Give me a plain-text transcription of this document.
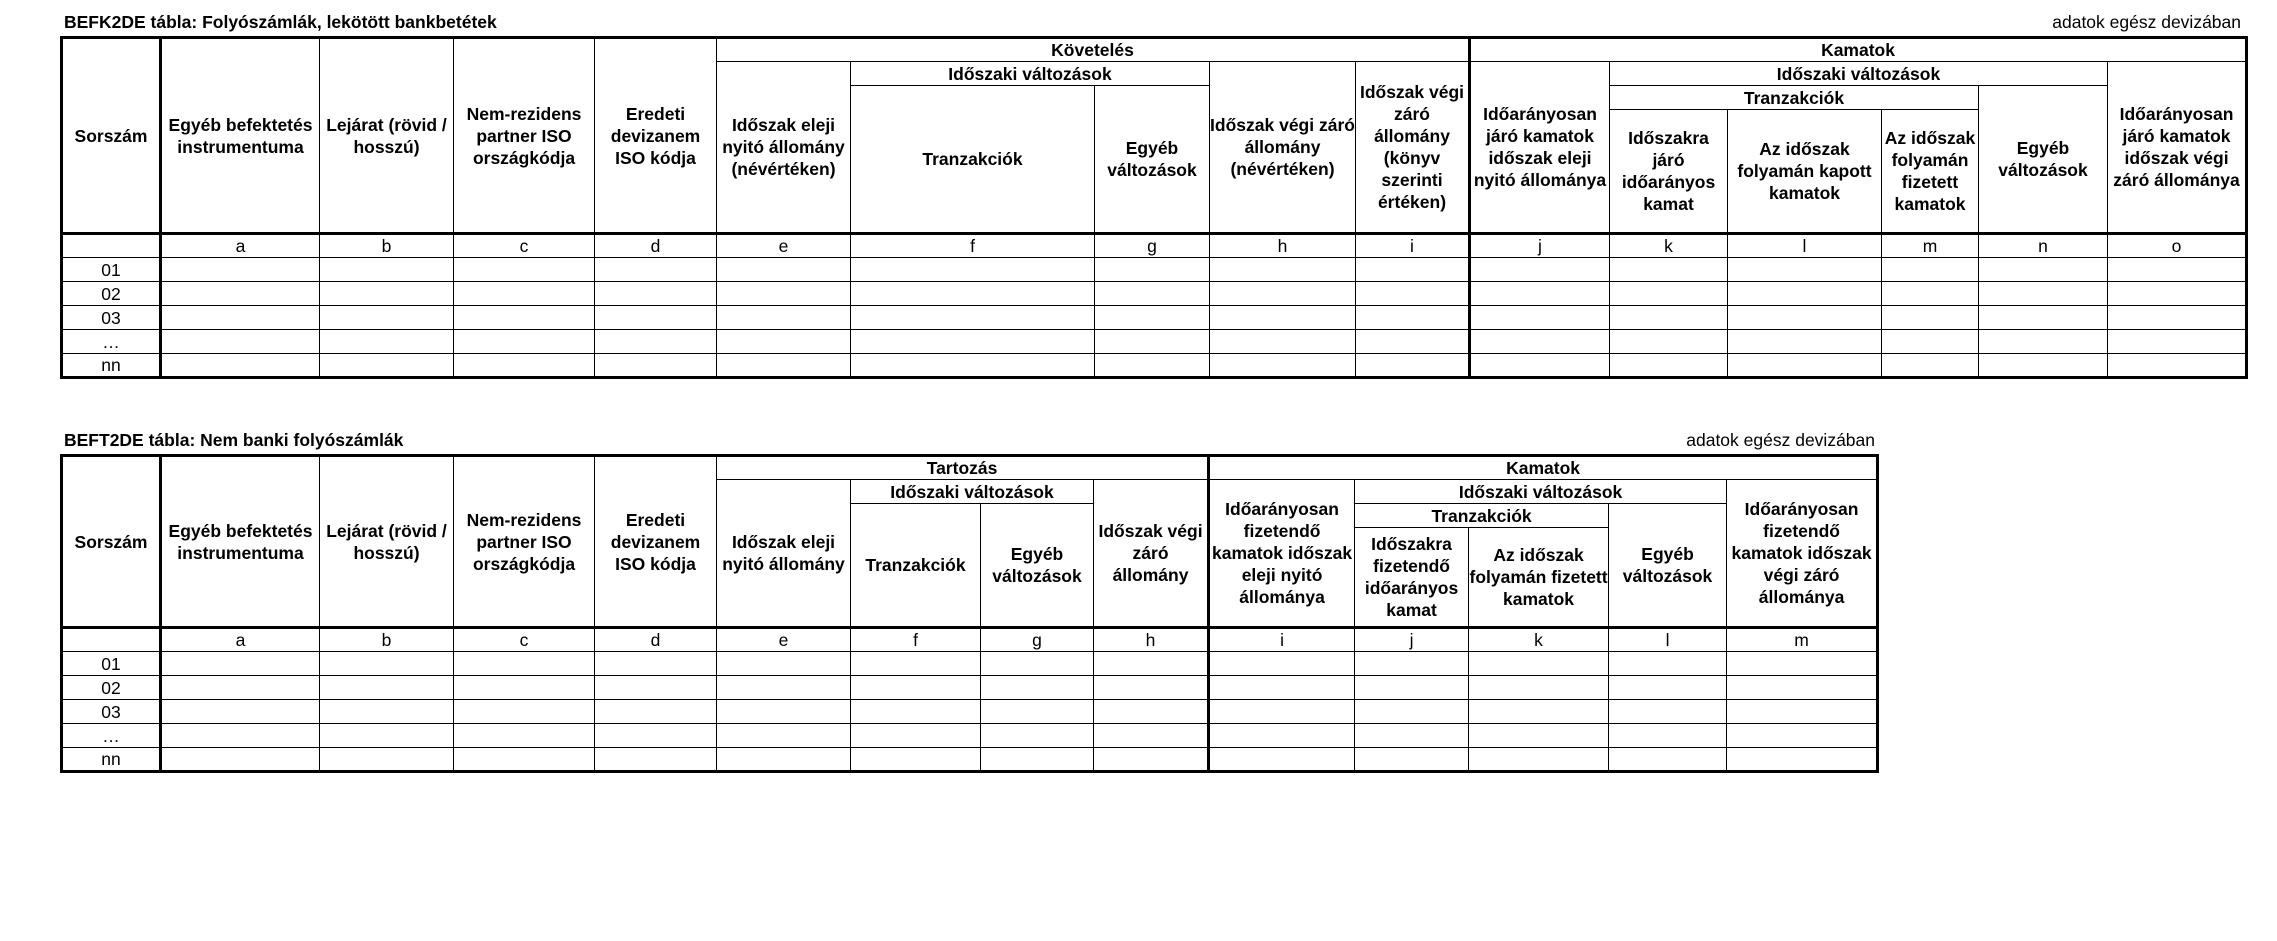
BEFK2DE tábla: Folyószámlák, lekötött bankbetétek	adatok egész devizában
Sorszám	Egyéb befektetés instrumentuma	Lejárat (rövid / hosszú)	Nem-rezidens partner ISO országkódja	Eredeti devizanem ISO kódja	Követelés					Kamatok					
					Időszak eleji nyitó állomány (névértéken)	Időszaki változások		Időszak végi záró állomány (névértéken)	Időszak végi záró állomány (könyv szerinti értéken)	Időarányosan járó kamatok időszak eleji nyitó állománya	Időszaki változások				Időarányosan járó kamatok időszak végi záró állománya
						Tranzakciók	Egyéb változások				Tranzakciók			Egyéb változások	
											Időszakra járó időarányos kamat	Az időszak folyamán kapott kamatok	Az időszak folyamán fizetett kamatok		
	a	b	c	d	e	f	g	h	i	j	k	l	m	n	o
01															
02															
03															
…															
nn															
BEFT2DE tábla: Nem banki folyószámlák	adatok egész devizában
Sorszám	Egyéb befektetés instrumentuma	Lejárat (rövid / hosszú)	Nem-rezidens partner ISO országkódja	Eredeti devizanem ISO kódja	Tartozás				Kamatok				
					Időszak eleji nyitó állomány	Időszaki változások		Időszak végi záró állomány	Időarányosan fizetendő kamatok időszak eleji nyitó állománya	Időszaki változások			Időarányosan fizetendő kamatok időszak végi záró állománya
						Tranzakciók	Egyéb változások			Tranzakciók		Egyéb változások	
										Időszakra fizetendő időarányos kamat	Az időszak folyamán fizetett kamatok		
	a	b	c	d	e	f	g	h	i	j	k	l	m
01													
02													
03													
…													
nn													
